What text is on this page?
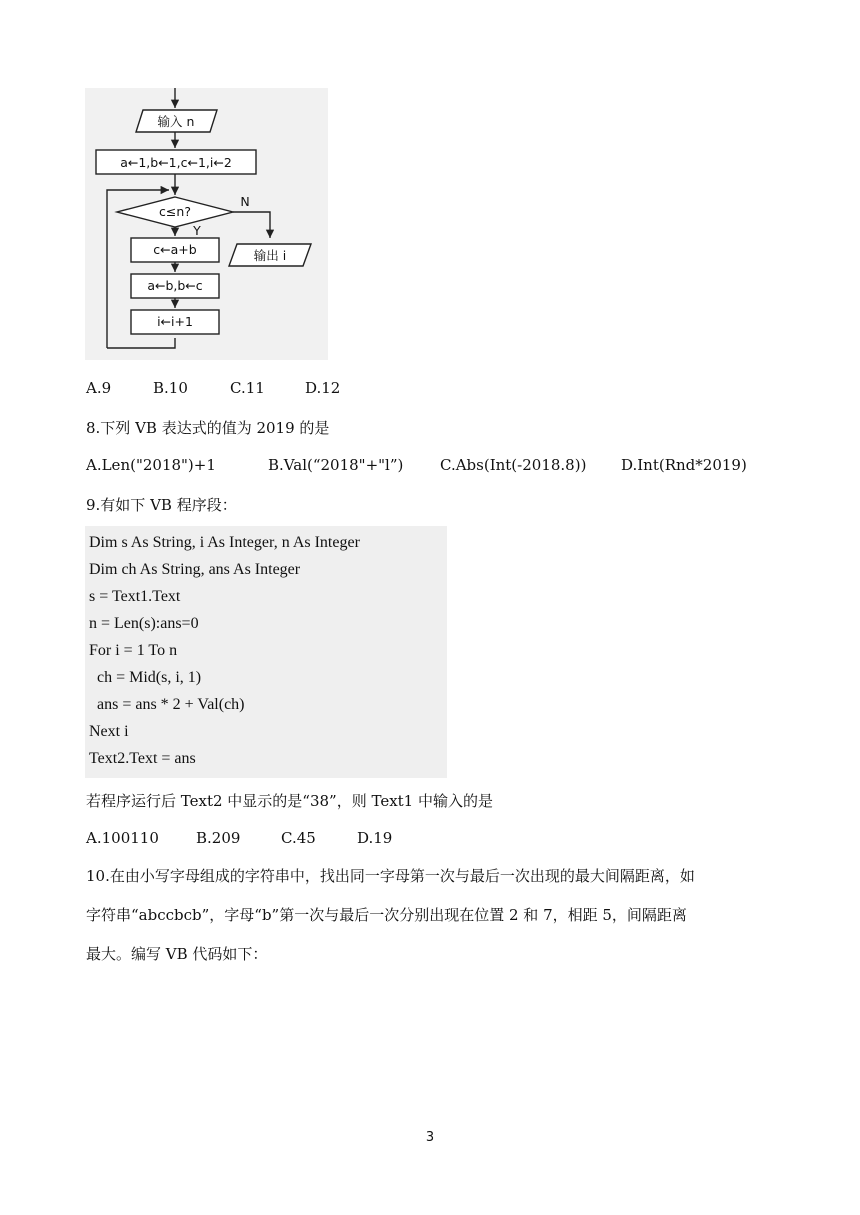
输入 n
a←1,b←1,c←1,i←2
c≤n?
N
Y
c←a+b
a←b,b←c
i←i+1
输出 i
A.9	B.10	C.11	D.12
8.下列 VB 表达式的值为 2019 的是
A.Len("2018")+1	B.Val(“2018"+"l”) C.Abs(Int(-2018.8)) D.Int(Rnd*2019)
9.有如下 VB 程序段：
Dim s As String, i As Integer, n As Integer
Dim ch As String, ans As Integer
s = Text1.Text
n = Len(s):ans=0
For i = 1 To n
ch = Mid(s, i, 1)
ans = ans * 2 + Val(ch)
Next i
Text2.Text = ans
若程序运行后 Text2 中显示的是“38”，则 Text1 中输入的是
A.100110 B.209	C.45	D.19
10.在由小写字母组成的字符串中，找出同一字母第一次与最后一次出现的最大间隔距离，如
字符串“abccbcb”，字母“b”第一次与最后一次分别出现在位置 2 和 7，相距 5，间隔距离
最大。编写 VB 代码如下：
3
